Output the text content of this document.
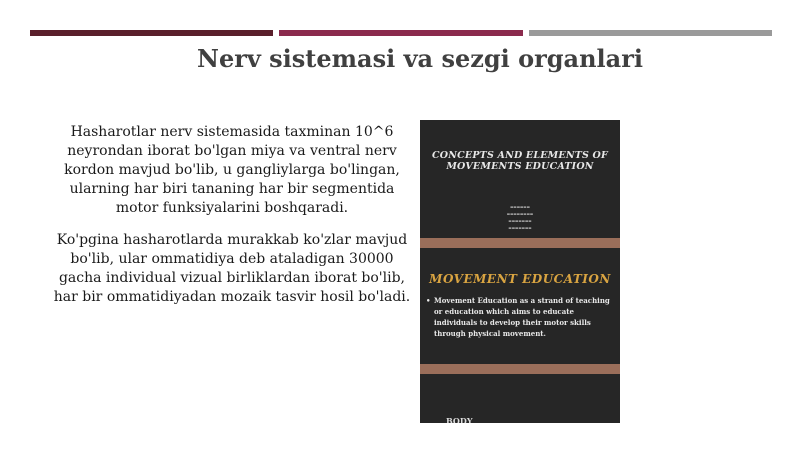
Nerv sistemasi va sezgi organlari

Hasharotlar nerv sistemasida taxminan 10^6 neyrondan iborat bo'lgan miya va ventral nerv kordon mavjud bo'lib, u gangliylarga bo'lingan, ularning har biri tananing har bir segmentida motor funksiyalarini boshqaradi.

Ko'pgina hasharotlarda murakkab ko'zlar mavjud bo'lib, ular ommatidiya deb ataladigan 30000 gacha individual vizual birliklardan iborat bo'lib, har bir ommatidiyadan mozaik tasvir hosil bo'ladi.

CONCEPTS AND ELEMENTS OF MOVEMENTS EDUCATION
▬▬▬▬▬▬
▬▬▬▬▬▬▬▬
▬▬▬▬▬▬▬
▬▬▬▬▬▬▬
MOVEMENT EDUCATION
• Movement Education as a strand of teaching or education which aims to educate individuals to develop their motor skills through physical movement.
BODY
